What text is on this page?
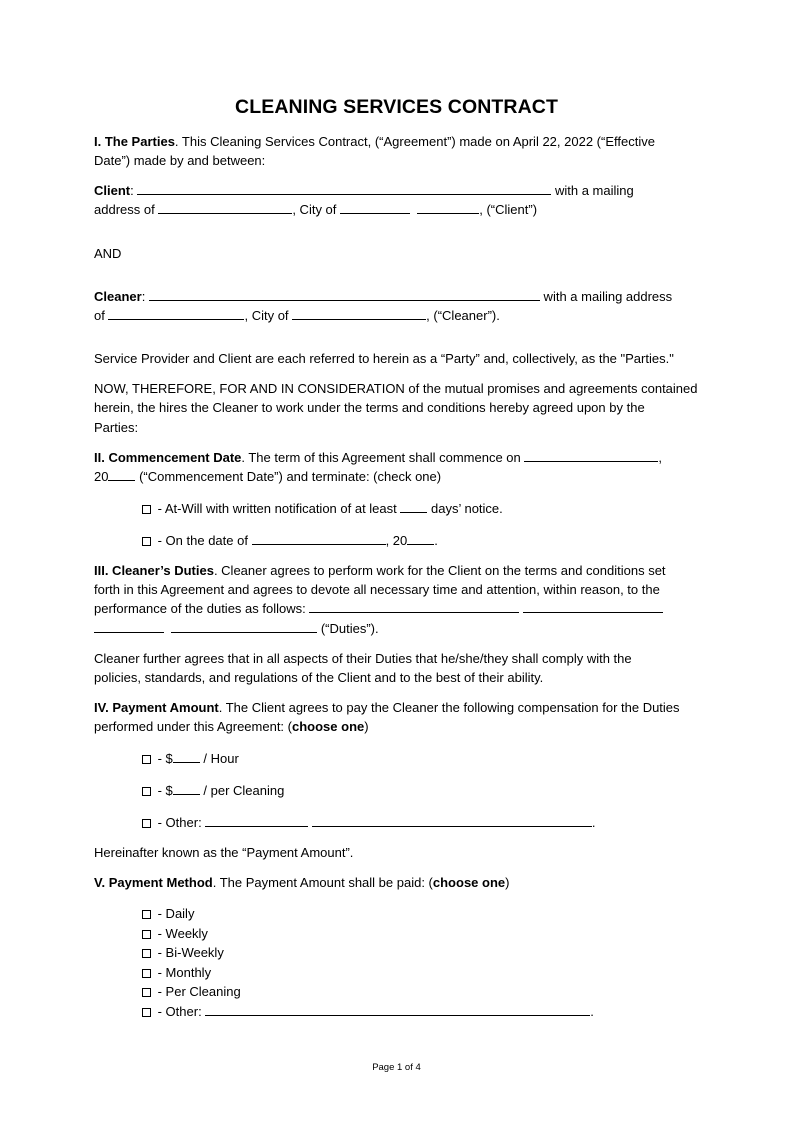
CLEANING SERVICES CONTRACT
I. The Parties. This Cleaning Services Contract, (“Agreement”) made on April 22, 2022 (“Effective
Date”) made by and between:
Client:	with a mailing
address of	, City of	, (“Client”)
AND
Cleaner:	with a mailing address
of	, City of	, (“Cleaner”).
Service Provider and Client are each referred to herein as a “Party” and, collectively, as the "Parties."
NOW, THEREFORE, FOR AND IN CONSIDERATION of the mutual promises and agreements contained
herein, the hires the Cleaner to work under the terms and conditions hereby agreed upon by the
Parties:
II. Commencement Date. The term of this Agreement shall commence on	,
20 (“Commencement Date”) and terminate: (check one)
- At-Will with written notification of at least  days’ notice.
- On the date of	, 20 .
III. Cleaner’s Duties. Cleaner agrees to perform work for the Client on the terms and conditions set
forth in this Agreement and agrees to devote all necessary time and attention, within reason, to the
performance of the duties as follows:
(“Duties”).
Cleaner further agrees that in all aspects of their Duties that he/she/they shall comply with the
policies, standards, and regulations of the Client and to the best of their ability.
IV. Payment Amount. The Client agrees to pay the Cleaner the following compensation for the Duties
performed under this Agreement: (choose one)
- $ / Hour
- $ / per Cleaning
- Other:	.
Hereinafter known as the “Payment Amount”.
V. Payment Method. The Payment Amount shall be paid: (choose one)
- Daily
- Weekly
- Bi-Weekly
- Monthly
- Per Cleaning
- Other:	.
Page 1 of 4
